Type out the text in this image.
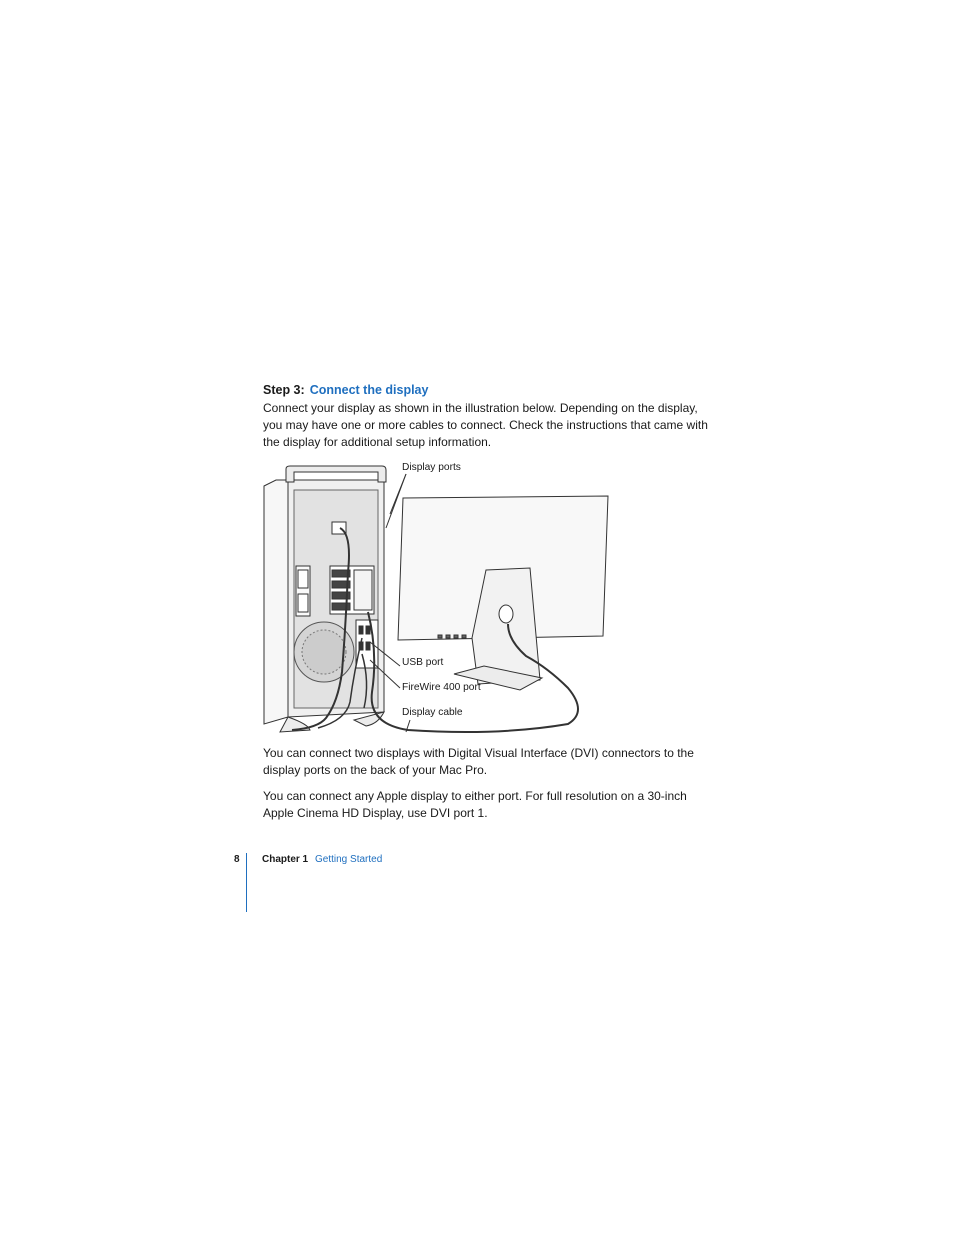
Step 3: Connect the display

Connect your display as shown in the illustration below. Depending on the display, you may have one or more cables to connect. Check the instructions that came with the display for additional setup information.

Display ports
USB port
FireWire 400 port
Display cable

You can connect two displays with Digital Visual Interface (DVI) connectors to the display ports on the back of your Mac Pro.

You can connect any Apple display to either port. For full resolution on a 30-inch Apple Cinema HD Display, use DVI port 1.

8 Chapter 1 Getting Started
